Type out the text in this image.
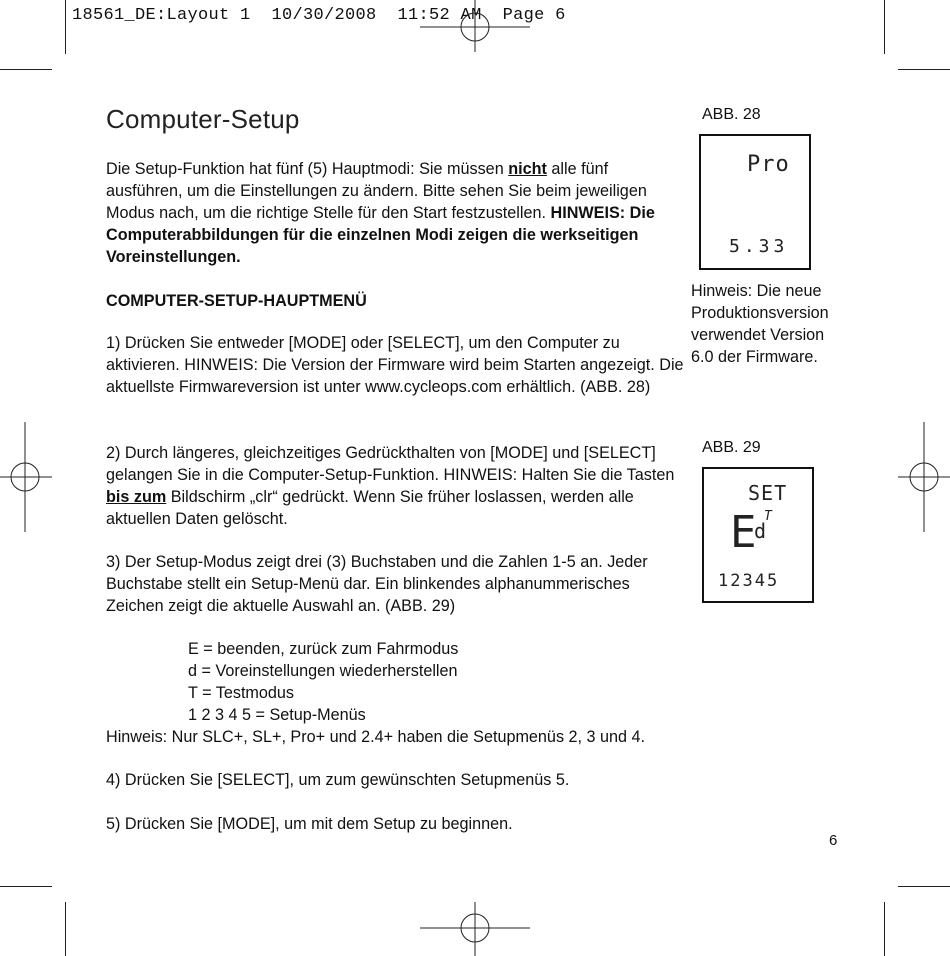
18561_DE:Layout 1  10/30/2008  11:52 AM  Page 6
Computer-Setup

Die Setup-Funktion hat fünf (5) Hauptmodi: Sie müssen nicht alle fünf ausführen, um die Einstellungen zu ändern. Bitte sehen Sie beim jeweiligen Modus nach, um die richtige Stelle für den Start festzustellen. HINWEIS: Die Computerabbildungen für die einzelnen Modi zeigen die werkseitigen Voreinstellungen.

COMPUTER-SETUP-HAUPTMENÜ
1) Drücken Sie entweder [MODE] oder [SELECT], um den Computer zu aktivieren. HINWEIS: Die Version der Firmware wird beim Starten angezeigt. Die aktuellste Firmwareversion ist unter www.cycleops.com erhältlich. (ABB. 28)

2) Durch längeres, gleichzeitiges Gedrückthalten von [MODE] und [SELECT] gelangen Sie in die Computer-Setup-Funktion. HINWEIS: Halten Sie die Tasten bis zum Bildschirm „clr“ gedrückt. Wenn Sie früher loslassen, werden alle aktuellen Daten gelöscht.

3) Der Setup-Modus zeigt drei (3) Buchstaben und die Zahlen 1-5 an. Jeder Buchstabe stellt ein Setup-Menü dar. Ein blinkendes alphanummerisches Zeichen zeigt die aktuelle Auswahl an. (ABB. 29)
E = beenden, zurück zum Fahrmodus
d = Voreinstellungen wiederherstellen
T = Testmodus
1 2 3 4 5 = Setup-Menüs
Hinweis: Nur SLC+, SL+, Pro+ und 2.4+ haben die Setupmenüs 2, 3 und 4.
4) Drücken Sie [SELECT], um zum gewünschten Setupmenüs 5.
5) Drücken Sie [MODE], um mit dem Setup zu beginnen.
ABB. 28
Pro
5.33
Hinweis: Die neue Produktionsversion verwendet Version 6.0 der Firmware.
ABB. 29
SET
E
d
T
12345
6
